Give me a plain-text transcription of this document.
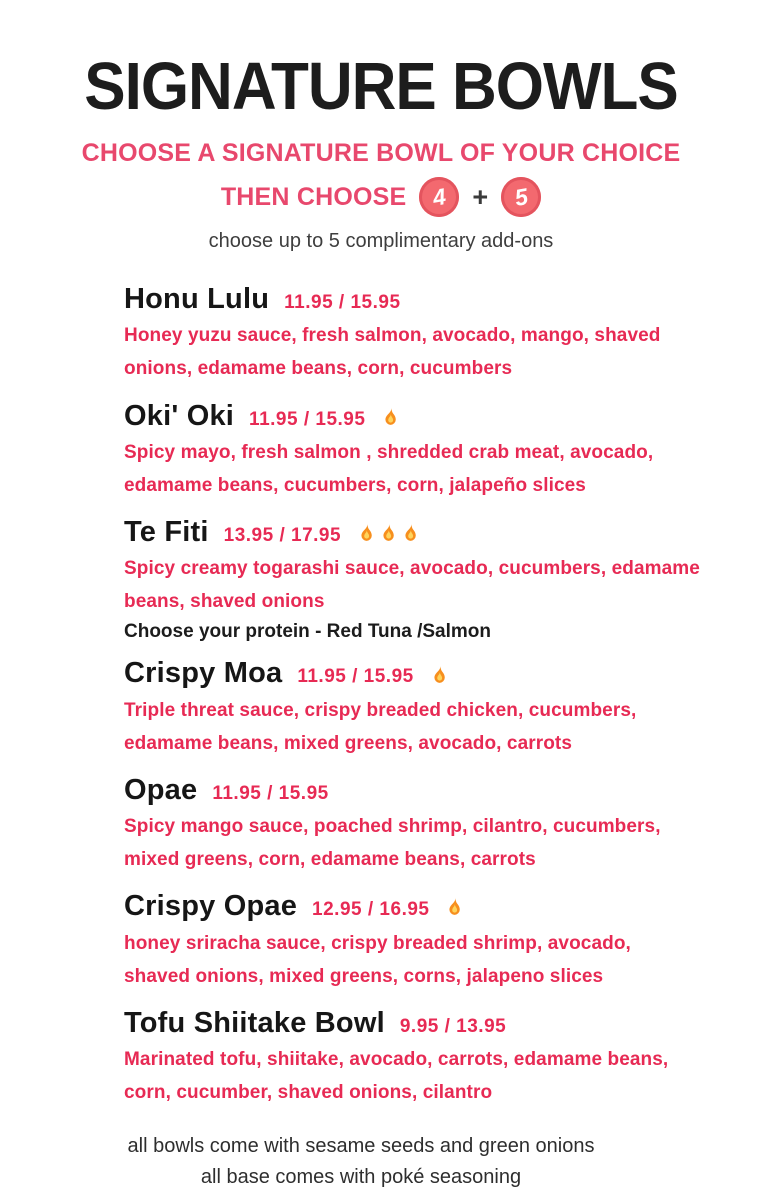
SIGNATURE BOWLS
CHOOSE A SIGNATURE BOWL OF YOUR CHOICE
THEN CHOOSE 4 + 5
choose up to 5 complimentary add-ons
Honu Lulu 11.95 / 15.95

Honey yuzu sauce, fresh salmon, avocado, mango, shaved onions, edamame beans, corn, cucumbers

Oki' Oki 11.95 / 15.95

Spicy mayo, fresh salmon , shredded crab meat, avocado, edamame beans, cucumbers, corn, jalapeño slices

Te Fiti 13.95 / 17.95

Spicy creamy togarashi sauce, avocado, cucumbers, edamame beans, shaved onions

Choose your protein - Red Tuna /Salmon

Crispy Moa 11.95 / 15.95

Triple threat sauce, crispy breaded chicken, cucumbers, edamame beans, mixed greens, avocado, carrots

Opae 11.95 / 15.95

Spicy mango sauce, poached shrimp, cilantro, cucumbers, mixed greens, corn, edamame beans, carrots

Crispy Opae 12.95 / 16.95

honey sriracha sauce, crispy breaded shrimp, avocado, shaved onions, mixed greens, corns, jalapeno slices

Tofu Shiitake Bowl 9.95 / 13.95

Marinated tofu, shiitake, avocado, carrots, edamame beans, corn, cucumber, shaved onions, cilantro

all bowls come with sesame seeds and green onions
all base comes with poké seasoning
